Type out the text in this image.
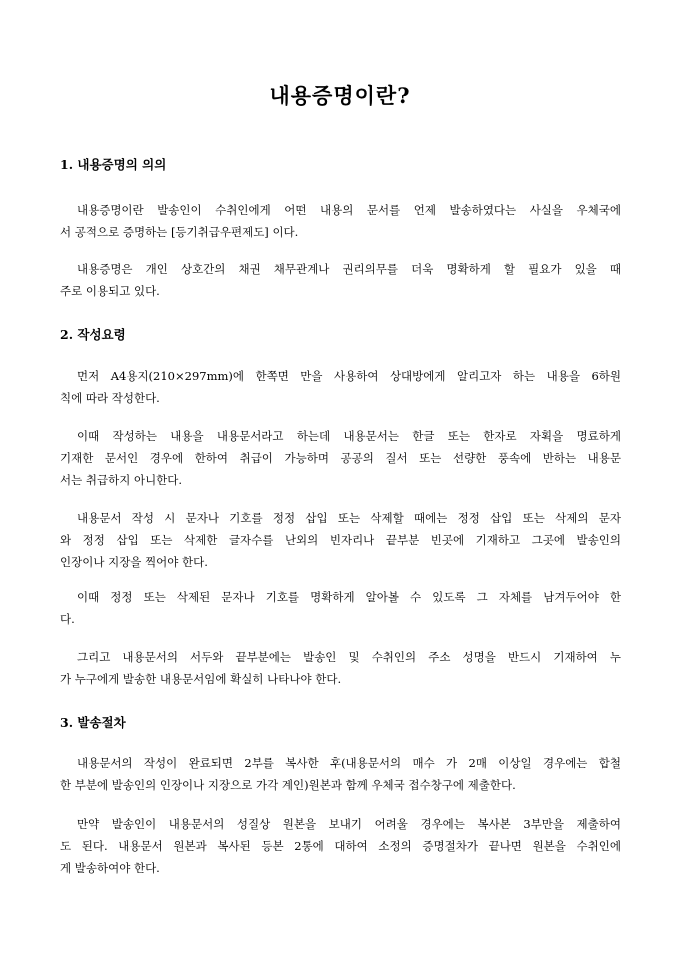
내용증명이란?
1. 내용증명의 의의
내용증명이란 발송인이 수취인에게 어떤 내용의 문서를 언제 발송하였다는 사실을 우체국에
서 공적으로 증명하는 [등기취급우편제도] 이다.
내용증명은 개인 상호간의 채권 채무관계나 권리의무를 더욱 명확하게 할 필요가 있을 때
주로 이용되고 있다.
2. 작성요령
먼저 A4용지(210×297mm)에 한쪽면 만을 사용하여 상대방에게 알리고자 하는 내용을 6하원
칙에 따라 작성한다.
이때 작성하는 내용을 내용문서라고 하는데 내용문서는 한글 또는 한자로 자획을 명료하게
기재한 문서인 경우에 한하여 취급이 가능하며 공공의 질서 또는 선량한 풍속에 반하는 내용문
서는 취급하지 아니한다.
내용문서 작성 시 문자나 기호를 정정 삽입 또는 삭제할 때에는 정정 삽입 또는 삭제의 문자
와 정정 삽입 또는 삭제한 글자수를 난외의 빈자리나 끝부분 빈곳에 기재하고 그곳에 발송인의
인장이나 지장을 찍어야 한다.
이때 정정 또는 삭제된 문자나 기호를 명확하게 알아볼 수 있도록 그 자체를 남겨두어야 한
다.
그리고 내용문서의 서두와 끝부분에는 발송인 및 수취인의 주소 성명을 반드시 기재하여 누
가 누구에게 발송한 내용문서임에 확실히 나타나야 한다.
3. 발송절차
내용문서의 작성이 완료되면 2부를 복사한 후(내용문서의 매수 가 2매 이상일 경우에는 합철
한 부분에 발송인의 인장이나 지장으로 가각 계인)원본과 함께 우체국 접수창구에 제출한다.
만약 발송인이 내용문서의 성질상 원본을 보내기 어려울 경우에는 복사본 3부만을 제출하여
도 된다. 내용문서 원본과 복사된 등본 2통에 대하여 소정의 증명절차가 끝나면 원본을 수취인에
게 발송하여야 한다.
